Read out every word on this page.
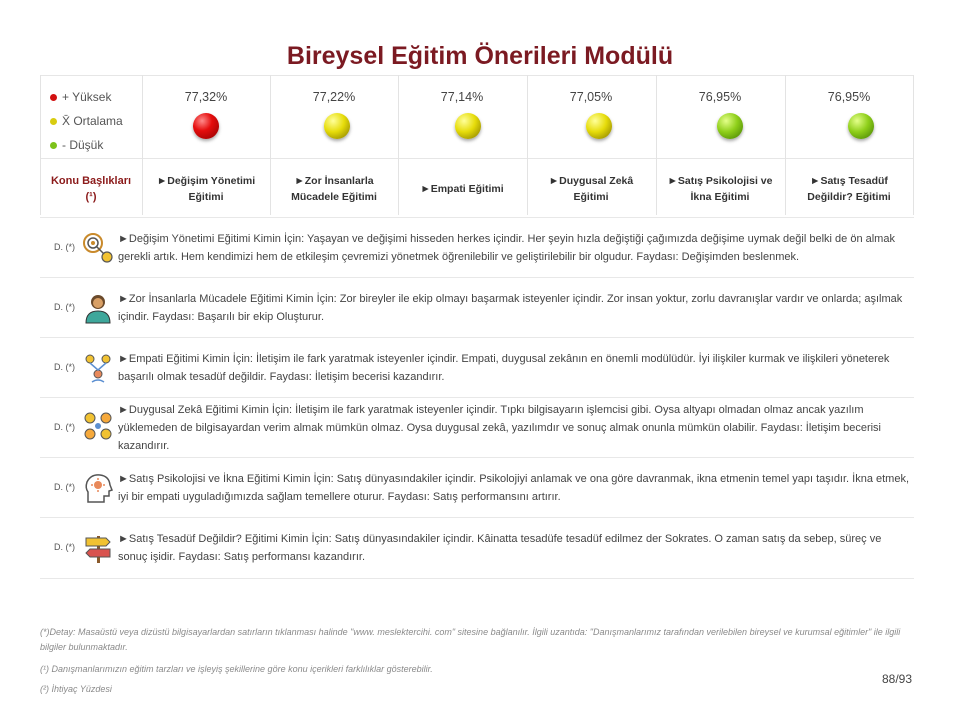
Bireysel Eğitim Önerileri Modülü
+ Yüksek
X̄ Ortalama
- Düşük
77,32%	77,22%	77,14%	77,05%	76,95%	76,95%
Konu Başlıkları
(¹)
►Değişim Yönetimi
Eğitimi
►Zor İnsanlarla
Mücadele Eğitimi
►Empati Eğitimi
►Duygusal Zekâ
Eğitimi
►Satış Psikolojisi ve
İkna Eğitimi
►Satış Tesadüf
Değildir? Eğitimi
D. (*)
►Değişim Yönetimi Eğitimi Kimin İçin: Yaşayan ve değişimi hisseden herkes içindir. Her şeyin hızla değiştiği çağımızda değişime uymak değil belki de ön almak gerekli artık. Hem kendimizi hem de etkileşim çevremizi yönetmek öğrenilebilir ve geliştirilebilir bir olgudur. Faydası: Değişimden beslenmek.
D. (*)
►Zor İnsanlarla Mücadele Eğitimi Kimin İçin: Zor bireyler ile ekip olmayı başarmak isteyenler içindir. Zor insan yoktur, zorlu davranışlar vardır ve onlarda; aşılmak içindir. Faydası: Başarılı bir ekip Oluşturur.
D. (*)
►Empati Eğitimi Kimin İçin: İletişim ile fark yaratmak isteyenler içindir. Empati, duygusal zekânın en önemli modülüdür. İyi ilişkiler kurmak ve ilişkileri yöneterek başarılı olmak tesadüf değildir. Faydası: İletişim becerisi kazandırır.
D. (*)
►Duygusal Zekâ Eğitimi Kimin İçin: İletişim ile fark yaratmak isteyenler içindir. Tıpkı bilgisayarın işlemcisi gibi. Oysa altyapı olmadan olmaz ancak yazılım yüklemeden de bilgisayardan verim almak mümkün olmaz. Oysa duygusal zekâ, yazılımdır ve sonuç almak onunla mümkün olabilir. Faydası: İletişim becerisi kazandırır.
D. (*)
►Satış Psikolojisi ve İkna Eğitimi Kimin İçin: Satış dünyasındakiler içindir. Psikolojiyi anlamak ve ona göre davranmak, ikna etmenin temel yapı taşıdır. İkna etmek, iyi bir empati uyguladığımızda sağlam temellere oturur. Faydası: Satış performansını artırır.
D. (*)
►Satış Tesadüf Değildir? Eğitimi Kimin İçin: Satış dünyasındakiler içindir. Kâinatta tesadüfe tesadüf edilmez der Sokrates. O zaman satış da sebep, süreç ve sonuç işidir. Faydası: Satış performansı kazandırır.
(*)Detay: Masaüstü veya dizüstü bilgisayarlardan satırların tıklanması halinde "www. meslektercihi. com" sitesine bağlanılır. İlgili uzantıda: "Danışmanlarımız tarafından verilebilen bireysel ve kurumsal eğitimler" ile ilgili bilgiler bulunmaktadır.
(¹) Danışmanlarımızın eğitim tarzları ve işleyiş şekillerine göre konu içerikleri farklılıklar gösterebilir.
(²) İhtiyaç Yüzdesi
88/93
